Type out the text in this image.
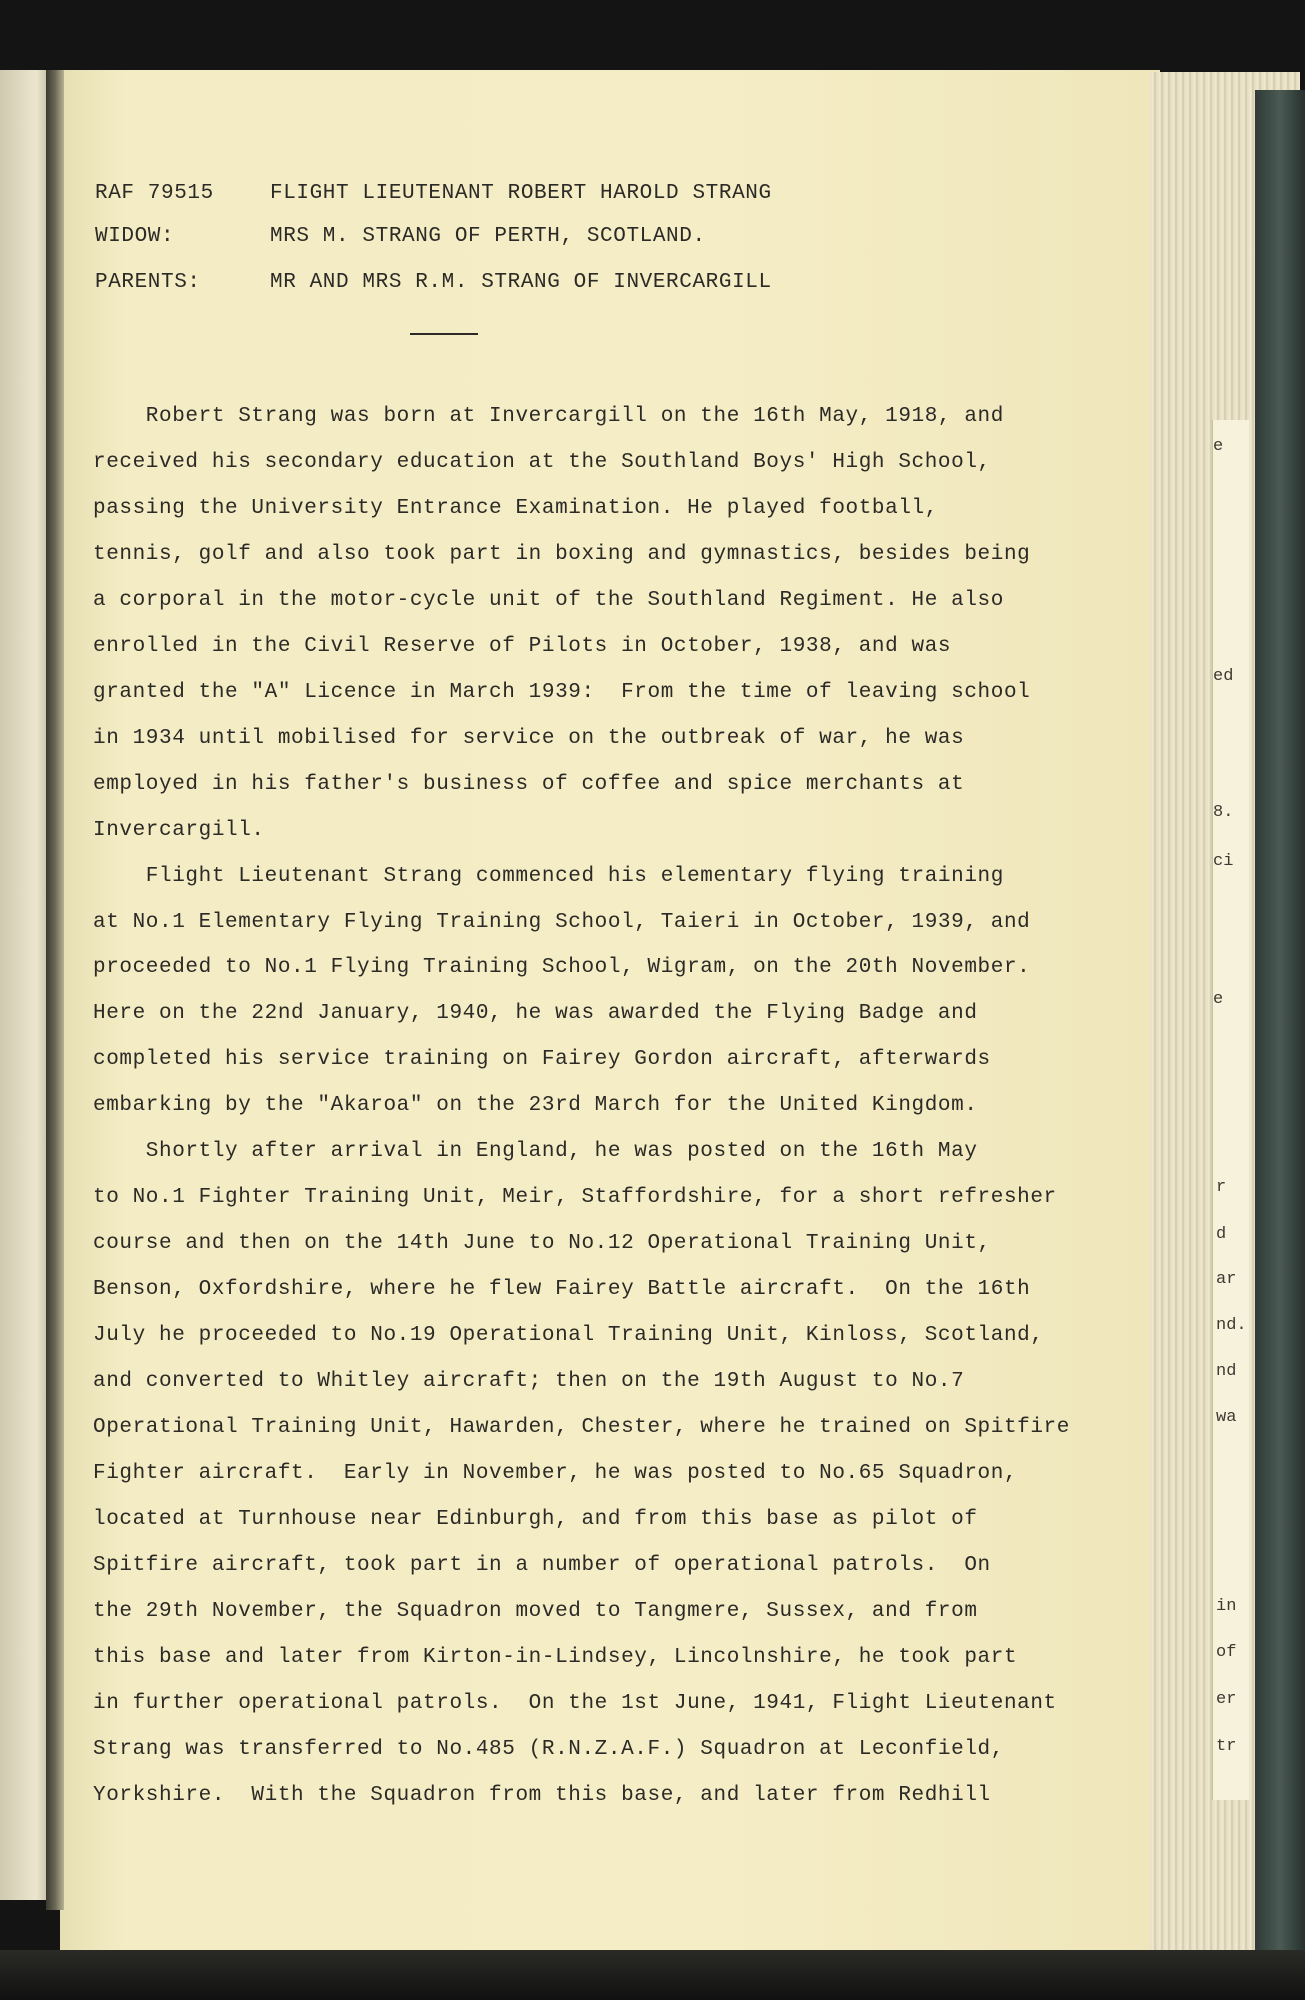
RAF 79515	FLIGHT LIEUTENANT ROBERT HAROLD STRANG
WIDOW:	MRS M. STRANG OF PERTH, SCOTLAND.
PARENTS:	MR AND MRS R.M. STRANG OF INVERCARGILL
Robert Strang was born at Invercargill on the 16th May, 1918, and
received his secondary education at the Southland Boys' High School,
passing the University Entrance Examination. He played football,
tennis, golf and also took part in boxing and gymnastics, besides being
a corporal in the motor-cycle unit of the Southland Regiment. He also
enrolled in the Civil Reserve of Pilots in October, 1938, and was
granted the "A" Licence in March 1939:  From the time of leaving school
in 1934 until mobilised for service on the outbreak of war, he was
employed in his father's business of coffee and spice merchants at
Invercargill.
Flight Lieutenant Strang commenced his elementary flying training
at No.1 Elementary Flying Training School, Taieri in October, 1939, and
proceeded to No.1 Flying Training School, Wigram, on the 20th November.
Here on the 22nd January, 1940, he was awarded the Flying Badge and
completed his service training on Fairey Gordon aircraft, afterwards
embarking by the "Akaroa" on the 23rd March for the United Kingdom.
Shortly after arrival in England, he was posted on the 16th May
to No.1 Fighter Training Unit, Meir, Staffordshire, for a short refresher
course and then on the 14th June to No.12 Operational Training Unit,
Benson, Oxfordshire, where he flew Fairey Battle aircraft.  On the 16th
July he proceeded to No.19 Operational Training Unit, Kinloss, Scotland,
and converted to Whitley aircraft; then on the 19th August to No.7
Operational Training Unit, Hawarden, Chester, where he trained on Spitfire
Fighter aircraft.  Early in November, he was posted to No.65 Squadron,
located at Turnhouse near Edinburgh, and from this base as pilot of
Spitfire aircraft, took part in a number of operational patrols.  On
the 29th November, the Squadron moved to Tangmere, Sussex, and from
this base and later from Kirton-in-Lindsey, Lincolnshire, he took part
in further operational patrols.  On the 1st June, 1941, Flight Lieutenant
Strang was transferred to No.485 (R.N.Z.A.F.) Squadron at Leconfield,
Yorkshire.  With the Squadron from this base, and later from Redhill
e
ed
8.
ci
e
r
d
ar
nd.
nd
wa
in
of
er
tr
